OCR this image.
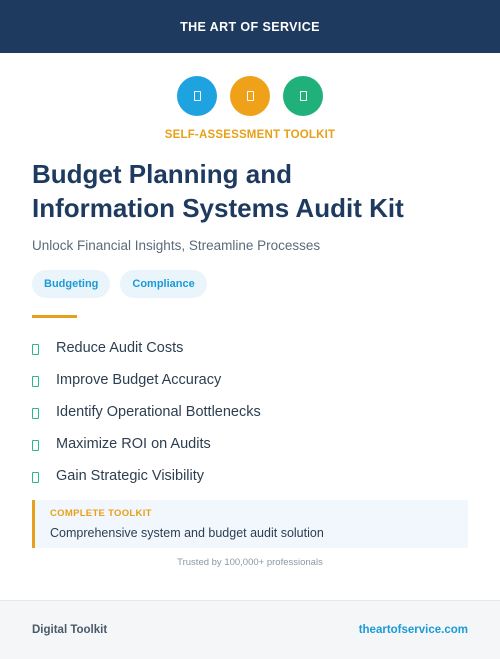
THE ART OF SERVICE
SELF-ASSESSMENT TOOLKIT
Budget Planning and
Information Systems Audit Kit
Unlock Financial Insights, Streamline Processes
Budgeting	Compliance
Reduce Audit Costs
Improve Budget Accuracy
Identify Operational Bottlenecks
Maximize ROI on Audits
Gain Strategic Visibility
COMPLETE TOOLKIT
Comprehensive system and budget audit solution
Trusted by 100,000+ professionals
Digital Toolkit	theartofservice.com
